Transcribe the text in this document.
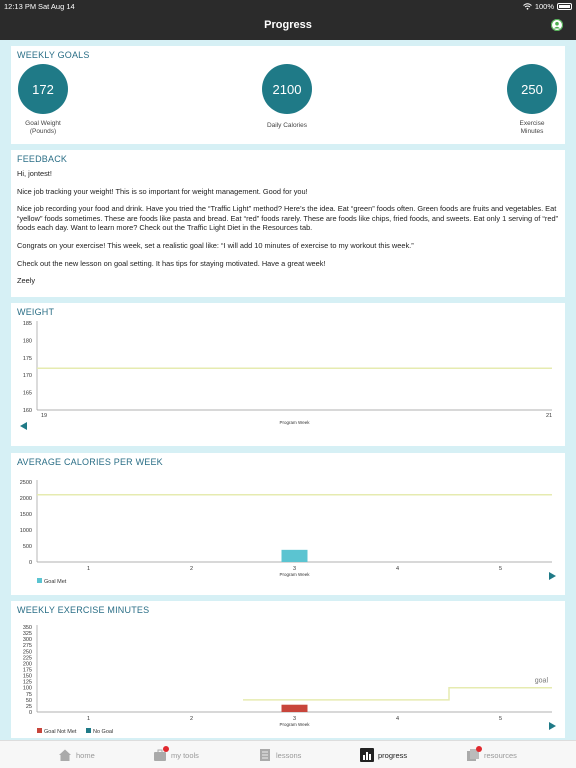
12:13 PM Sat Aug 14	100%
Progress
WEEKLY GOALS
172
Goal Weight
(Pounds)
2100
Daily Calories
250
Exercise
Minutes
FEEDBACK

Hi, jontest!

Nice job tracking your weight! This is so important for weight management. Good for you!

Nice job recording your food and drink. Have you tried the “Traffic Light” method? Here’s the idea. Eat “green” foods often. Green foods are fruits and vegetables. Eat “yellow” foods sometimes. These are foods like pasta and bread. Eat “red” foods rarely. These are foods like chips, fried foods, and sweets. Eat only 1 serving of “red” foods each day. Want to learn more? Check out the Traffic Light Diet in the Resources tab.

Congrats on your exercise! This week, set a realistic goal like: “I will add 10 minutes of exercise to my workout this week.”

Check out the new lesson on goal setting. It has tips for staying motivated. Have a great week!

Zeely

WEIGHT
160
165
170
175
180
185
19	21
Program Week
AVERAGE CALORIES PER WEEK
0
500
1000
1500
2000
2500
1	2	3	4	5
Program Week
Goal Met
WEEKLY EXERCISE MINUTES
0
25
50
75
100
125
150
175
200
225
250
275
300
325
350
goal
1	2	3	4	5
Program Week
Goal Not Met	No Goal
home	my tools	lessons	progress	resources
